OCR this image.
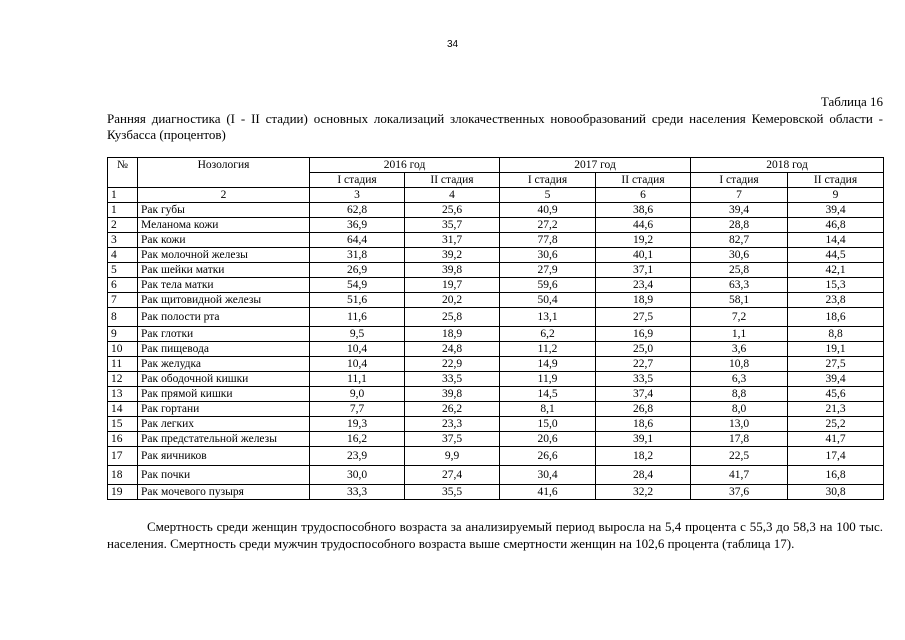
34
Таблица 16
Ранняя диагностика (I - II стадии) основных локализаций злокачественных новообразований среди населения Кемеровской области - Кузбасса (процентов)
№	Нозология	2016 год		2017 год		2018 год	
		I стадия	II стадия	I стадия	II стадия	I стадия	II стадия
1	2	3	4	5	6	7	9
1	Рак губы	62,8	25,6	40,9	38,6	39,4	39,4
2	Меланома кожи	36,9	35,7	27,2	44,6	28,8	46,8
3	Рак кожи	64,4	31,7	77,8	19,2	82,7	14,4
4	Рак молочной железы	31,8	39,2	30,6	40,1	30,6	44,5
5	Рак шейки матки	26,9	39,8	27,9	37,1	25,8	42,1
6	Рак тела матки	54,9	19,7	59,6	23,4	63,3	15,3
7	Рак щитовидной железы	51,6	20,2	50,4	18,9	58,1	23,8
8	Рак полости рта	11,6	25,8	13,1	27,5	7,2	18,6
9	Рак глотки	9,5	18,9	6,2	16,9	1,1	8,8
10	Рак пищевода	10,4	24,8	11,2	25,0	3,6	19,1
11	Рак желудка	10,4	22,9	14,9	22,7	10,8	27,5
12	Рак ободочной кишки	11,1	33,5	11,9	33,5	6,3	39,4
13	Рак прямой кишки	9,0	39,8	14,5	37,4	8,8	45,6
14	Рак гортани	7,7	26,2	8,1	26,8	8,0	21,3
15	Рак легких	19,3	23,3	15,0	18,6	13,0	25,2
16	Рак предстательной железы	16,2	37,5	20,6	39,1	17,8	41,7
17	Рак яичников	23,9	9,9	26,6	18,2	22,5	17,4
18	Рак почки	30,0	27,4	30,4	28,4	41,7	16,8
19	Рак мочевого пузыря	33,3	35,5	41,6	32,2	37,6	30,8
Смертность среди женщин трудоспособного возраста за анализируемый период выросла на 5,4 процента с 55,3 до 58,3 на 100 тыс. населения. Смертность среди мужчин трудоспособного возраста выше смертности женщин на 102,6 процента (таблица 17).
